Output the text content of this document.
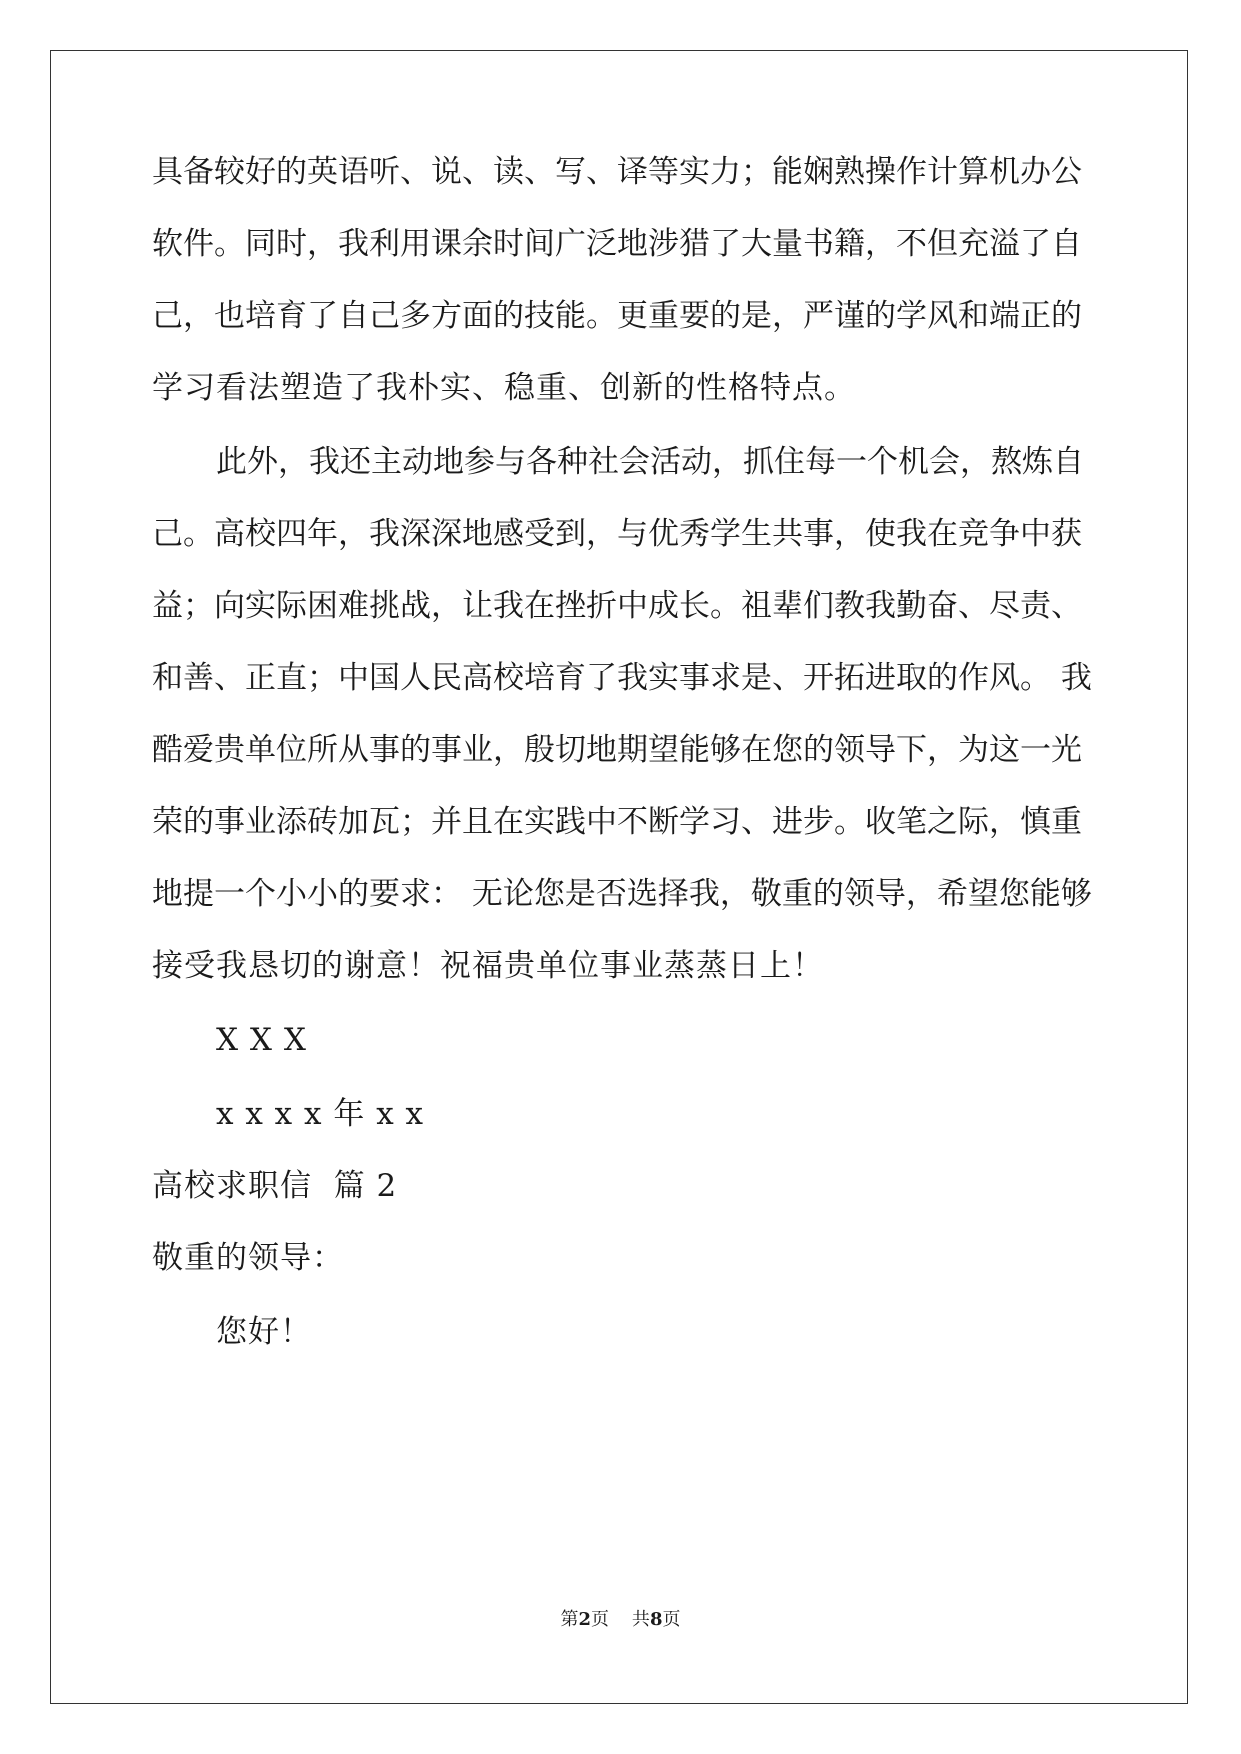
具备较好的英语听、说、读、写、译等实力；能娴熟操作计算机办公
软件。同时，我利用课余时间广泛地涉猎了大量书籍，不但充溢了自
己，也培育了自己多方面的技能。更重要的是，严谨的学风和端正的
学习看法塑造了我朴实、稳重、创新的性格特点。
此外，我还主动地参与各种社会活动，抓住每一个机会，熬炼自
己。高校四年，我深深地感受到，与优秀学生共事，使我在竞争中获
益；向实际困难挑战，让我在挫折中成长。祖辈们教我勤奋、尽责、
和善、正直；中国人民高校培育了我实事求是、开拓进取的作风。 我
酷爱贵单位所从事的事业，殷切地期望能够在您的领导下，为这一光
荣的事业添砖加瓦；并且在实践中不断学习、进步。收笔之际，慎重
地提一个小小的要求： 无论您是否选择我，敬重的领导，希望您能够
接受我恳切的谢意！祝福贵单位事业蒸蒸日上！
X X X
x x x x 年 x x
高校求职信  篇 2
敬重的领导：
您好！
第2页    共8页
